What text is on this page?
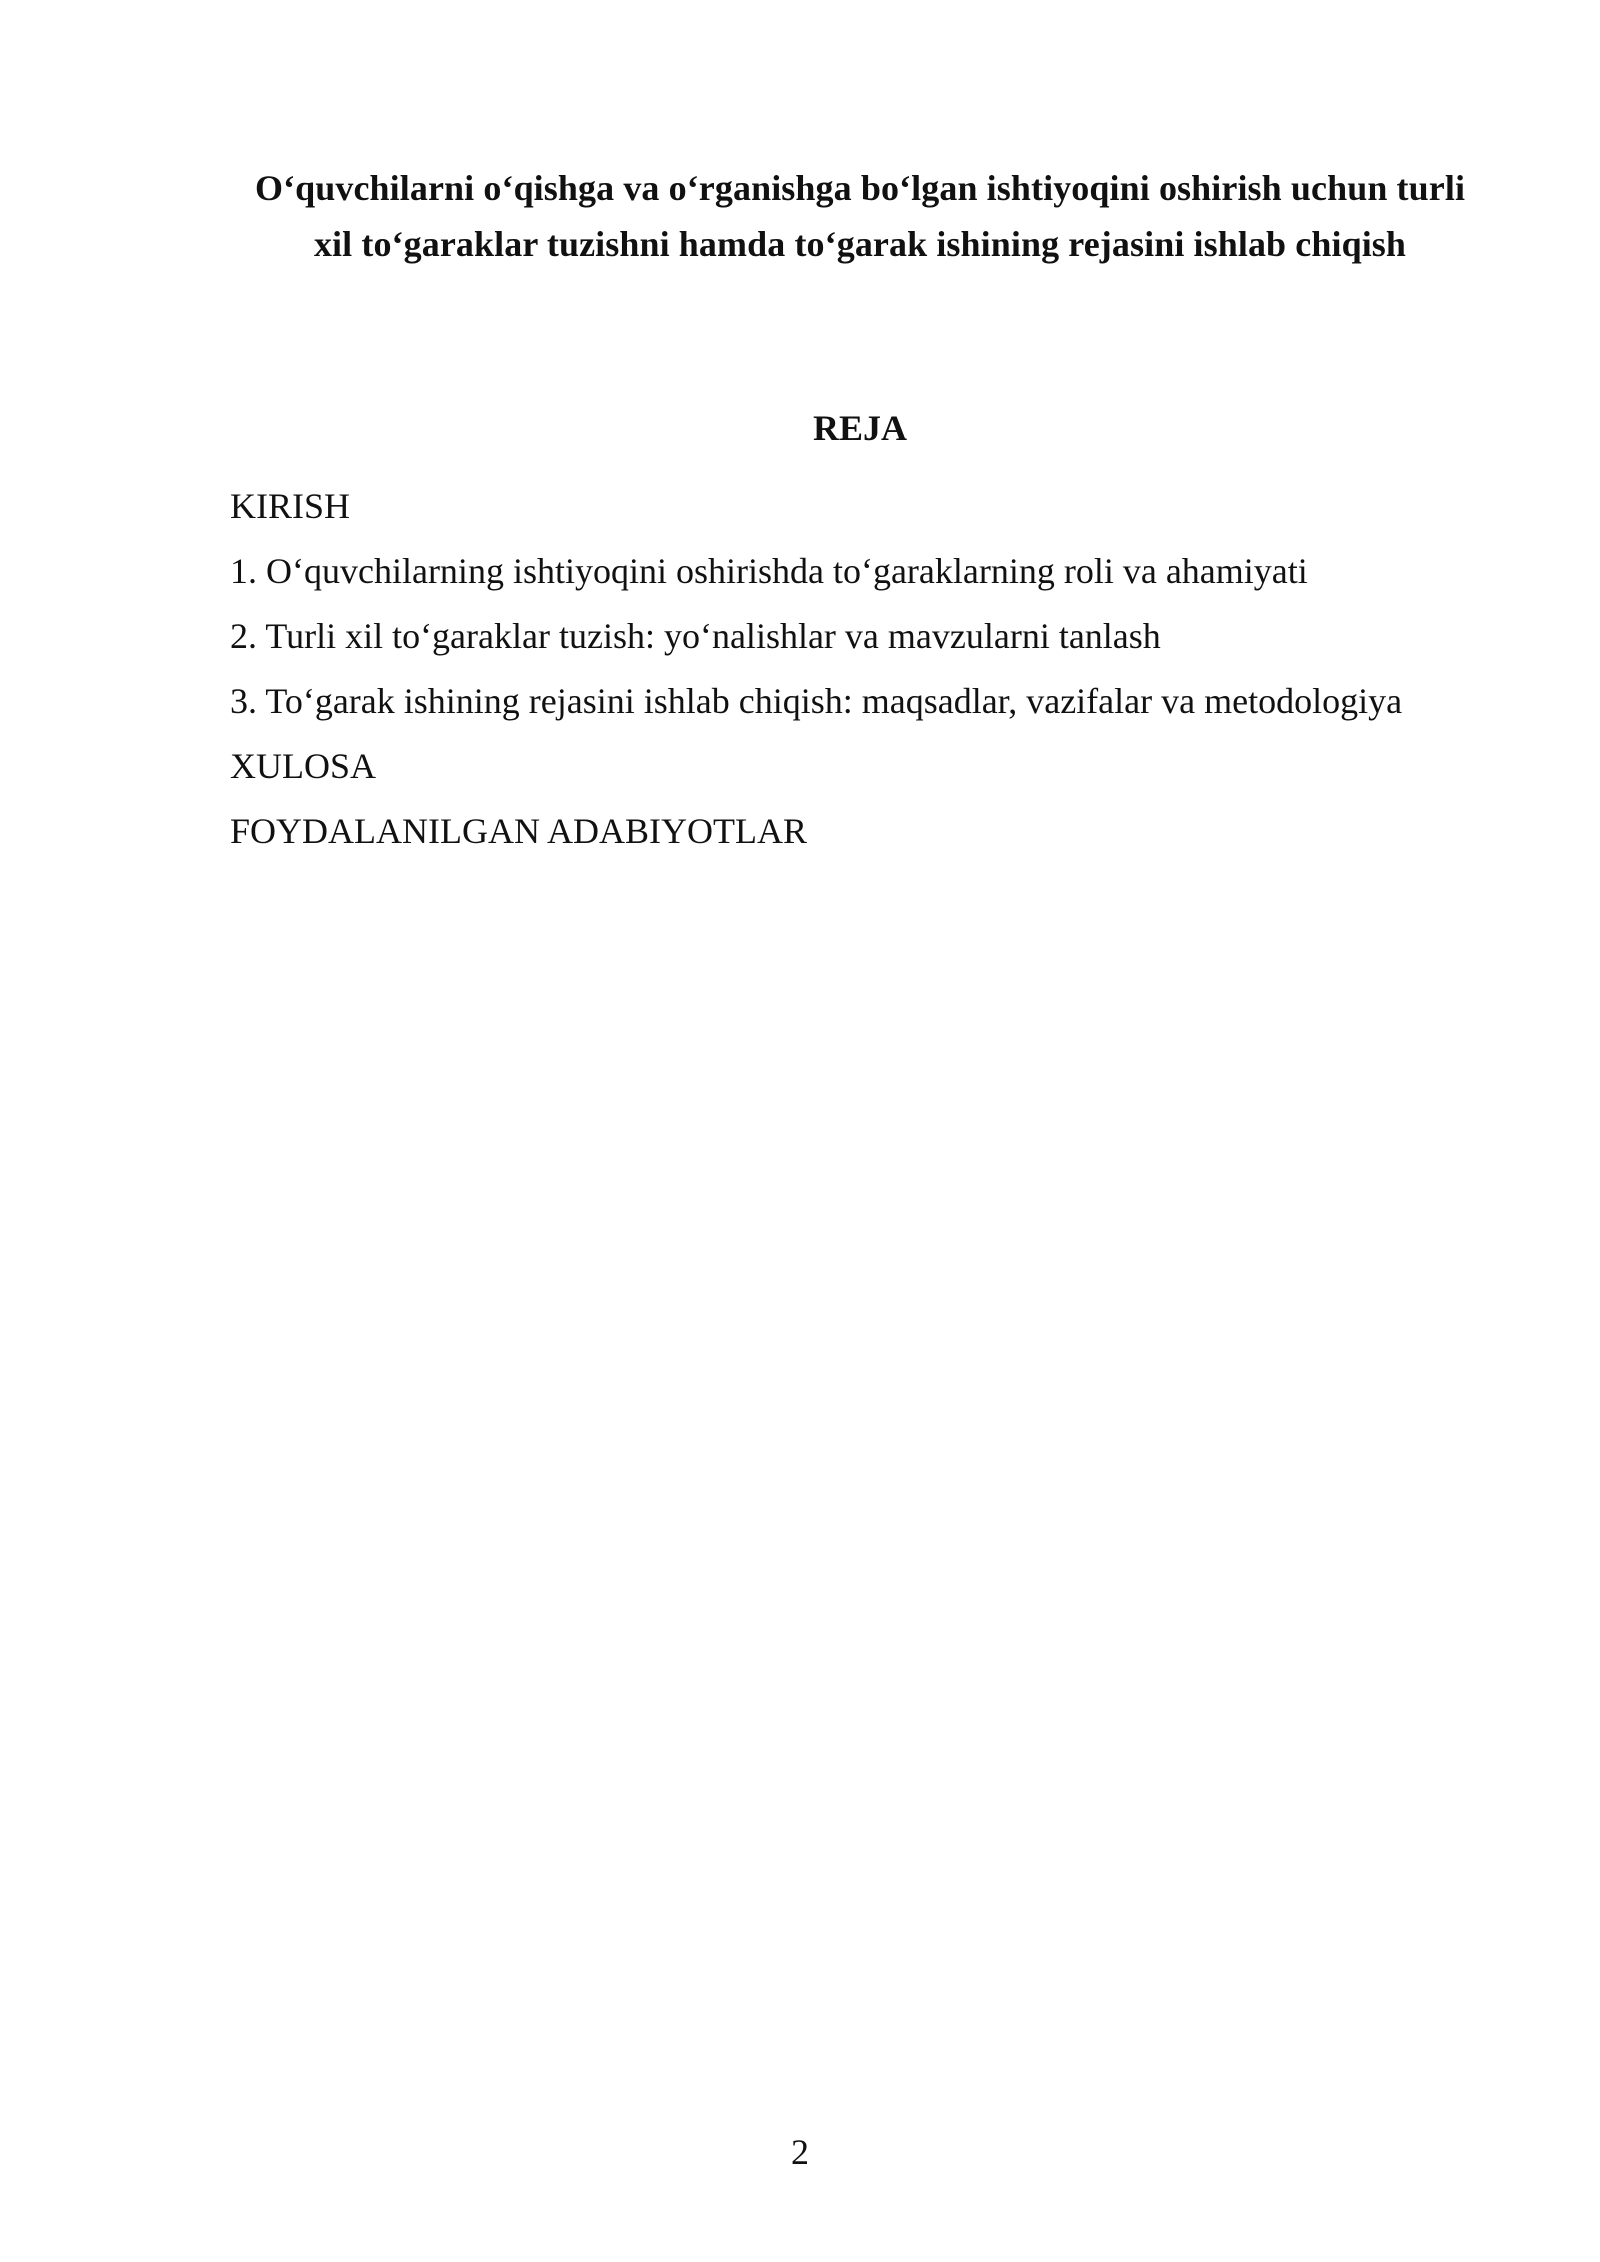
O‘quvchilarni o‘qishga va o‘rganishga bo‘lgan ishtiyoqini oshirish uchun turli
xil to‘garaklar tuzishni hamda to‘garak ishining rejasini ishlab chiqish
REJA
KIRISH
1. O‘quvchilarning ishtiyoqini oshirishda to‘garaklarning roli va ahamiyati
2. Turli xil to‘garaklar tuzish: yo‘nalishlar va mavzularni tanlash
3. To‘garak ishining rejasini ishlab chiqish: maqsadlar, vazifalar va metodologiya
XULOSA
FOYDALANILGAN ADABIYOTLAR
2
